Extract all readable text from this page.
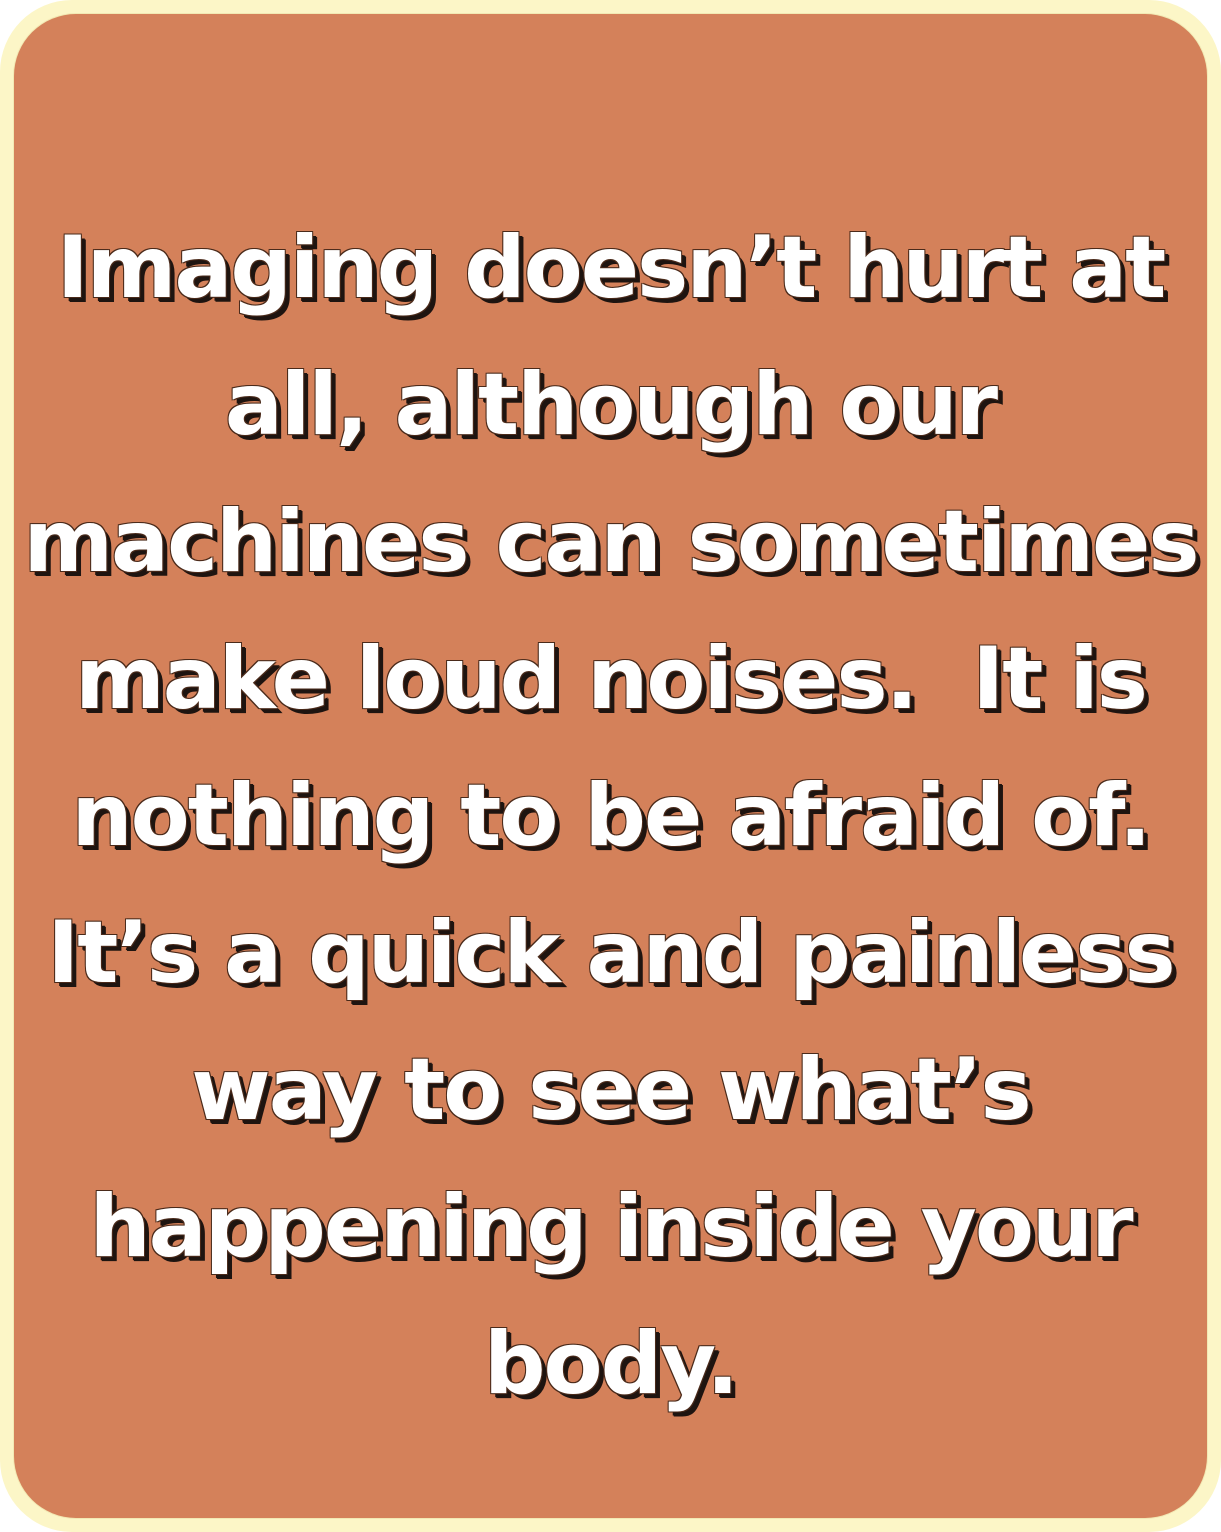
Imaging doesn’t hurt at
all, although our
machines can sometimes
make loud noises.  It is
nothing to be afraid of.
It’s a quick and painless
way to see what’s
happening inside your
body.
